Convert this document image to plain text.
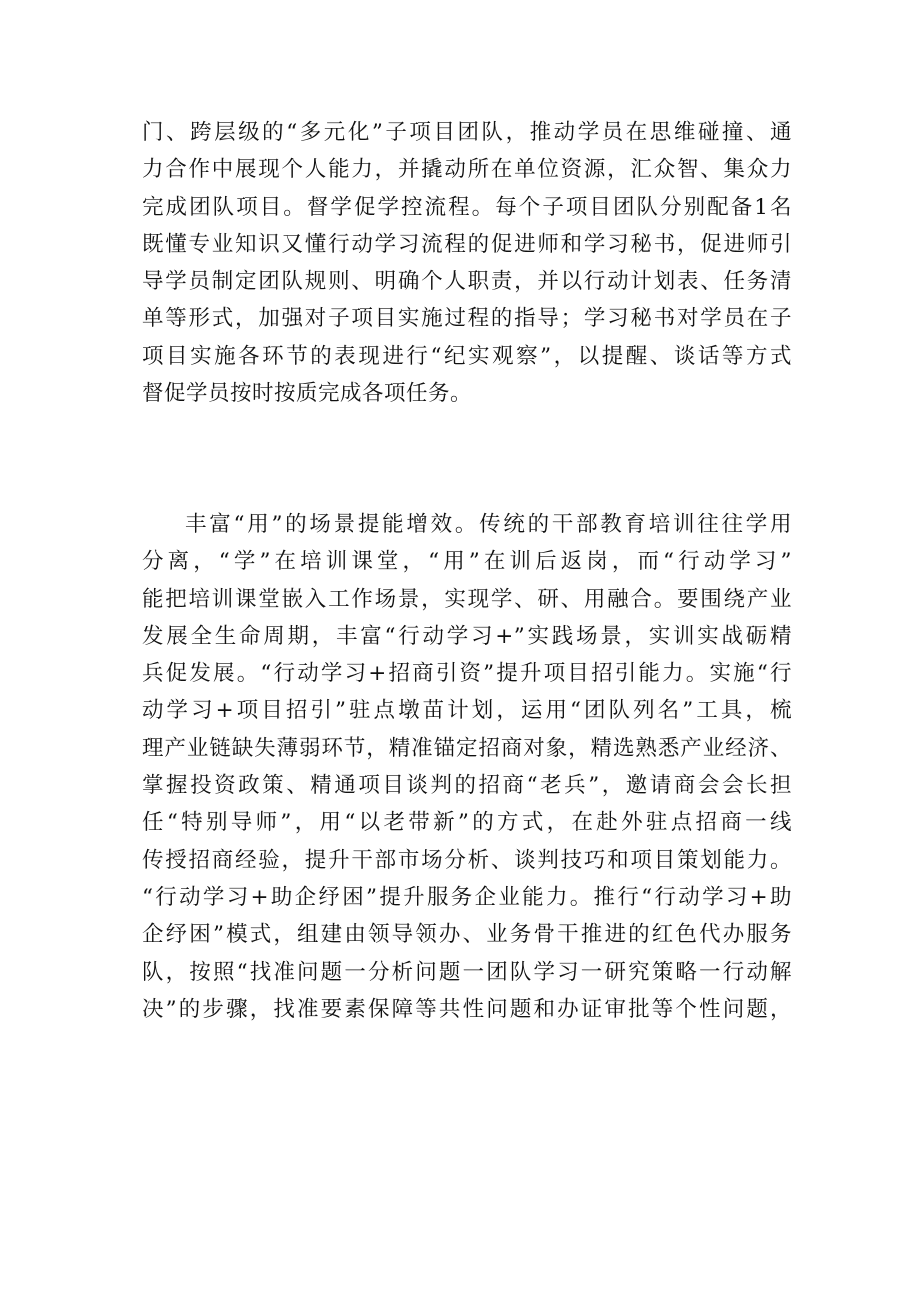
门、跨层级的“多元化”子项目团队，推动学员在思维碰撞、通
力合作中展现个人能力，并撬动所在单位资源，汇众智、集众力
完成团队项目。督学促学控流程。每个子项目团队分别配备1名
既懂专业知识又懂行动学习流程的促进师和学习秘书，促进师引
导学员制定团队规则、明确个人职责，并以行动计划表、任务清
单等形式，加强对子项目实施过程的指导；学习秘书对学员在子
项目实施各环节的表现进行“纪实观察”，以提醒、谈话等方式
督促学员按时按质完成各项任务。
丰富“用”的场景提能增效。传统的干部教育培训往往学用
分离，“学”在培训课堂，“用”在训后返岗，而“行动学习”
能把培训课堂嵌入工作场景，实现学、研、用融合。要围绕产业
发展全生命周期，丰富“行动学习+”实践场景，实训实战砺精
兵促发展。“行动学习+招商引资”提升项目招引能力。实施“行
动学习+项目招引”驻点墩苗计划，运用“团队列名”工具，梳
理产业链缺失薄弱环节，精准锚定招商对象，精选熟悉产业经济、
掌握投资政策、精通项目谈判的招商“老兵”，邀请商会会长担
任“特别导师”，用“以老带新”的方式，在赴外驻点招商一线
传授招商经验，提升干部市场分析、谈判技巧和项目策划能力。
“行动学习+助企纾困”提升服务企业能力。推行“行动学习+助
企纾困”模式，组建由领导领办、业务骨干推进的红色代办服务
队，按照“找准问题一分析问题一团队学习一研究策略一行动解
决”的步骤，找准要素保障等共性问题和办证审批等个性问题，
